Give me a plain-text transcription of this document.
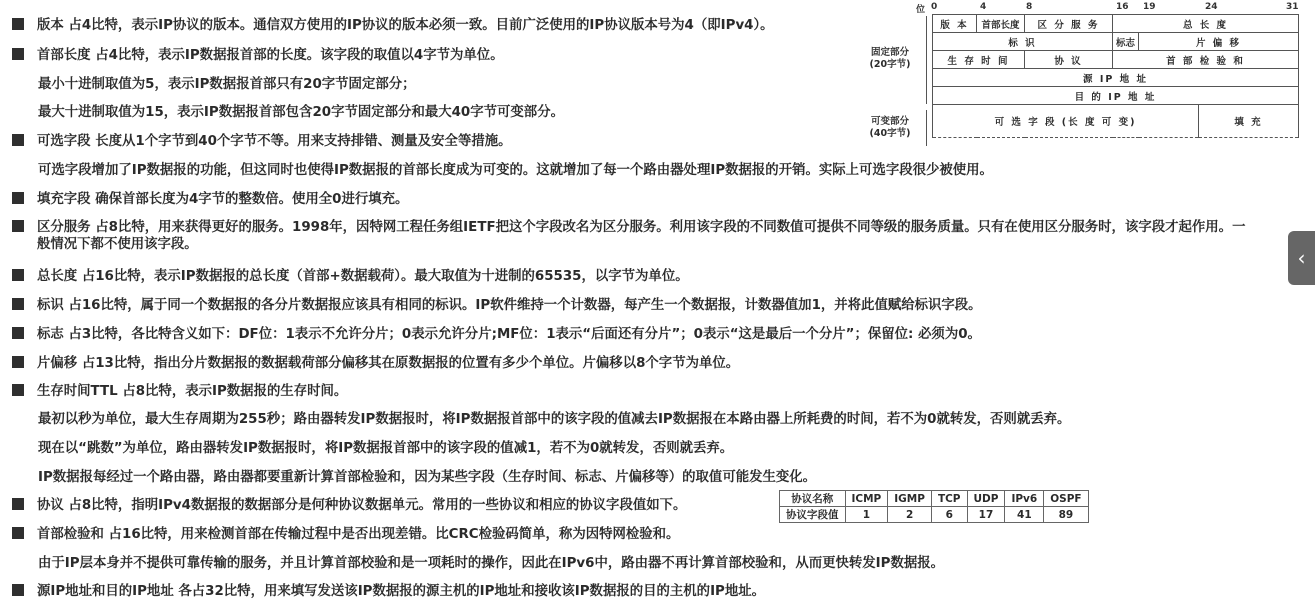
版本 占4比特，表示IP协议的版本。通信双方使用的IP协议的版本必须一致。目前广泛使用的IP协议版本号为4（即IPv4）。
首部长度 占4比特，表示IP数据报首部的长度。该字段的取值以4字节为单位。
最小十进制取值为5，表示IP数据报首部只有20字节固定部分；
最大十进制取值为15，表示IP数据报首部包含20字节固定部分和最大40字节可变部分。
可选字段 长度从1个字节到40个字节不等。用来支持排错、测量及安全等措施。
可选字段增加了IP数据报的功能，但这同时也使得IP数据报的首部长度成为可变的。这就增加了每一个路由器处理IP数据报的开销。实际上可选字段很少被使用。
填充字段 确保首部长度为4字节的整数倍。使用全0进行填充。
区分服务 占8比特，用来获得更好的服务。1998年，因特网工程任务组IETF把这个字段改名为区分服务。利用该字段的不同数值可提供不同等级的服务质量。只有在使用区分服务时，该字段才起作用。一般情况下都不使用该字段。
总长度 占16比特，表示IP数据报的总长度（首部+数据载荷）。最大取值为十进制的65535，以字节为单位。
标识 占16比特，属于同一个数据报的各分片数据报应该具有相同的标识。IP软件维持一个计数器，每产生一个数据报，计数器值加1，并将此值赋给标识字段。
标志 占3比特，各比特含义如下：DF位：1表示不允许分片；0表示允许分片;MF位：1表示“后面还有分片”；0表示“这是最后一个分片”；保留位: 必须为0。
片偏移 占13比特，指出分片数据报的数据载荷部分偏移其在原数据报的位置有多少个单位。片偏移以8个字节为单位。
生存时间TTL 占8比特，表示IP数据报的生存时间。
最初以秒为单位，最大生存周期为255秒；路由器转发IP数据报时，将IP数据报首部中的该字段的值减去IP数据报在本路由器上所耗费的时间，若不为0就转发，否则就丢弃。
现在以“跳数”为单位，路由器转发IP数据报时，将IP数据报首部中的该字段的值减1，若不为0就转发，否则就丢弃。
IP数据报每经过一个路由器，路由器都要重新计算首部检验和，因为某些字段（生存时间、标志、片偏移等）的取值可能发生变化。
协议 占8比特，指明IPv4数据报的数据部分是何种协议数据单元。常用的一些协议和相应的协议字段值如下。
首部检验和 占16比特，用来检测首部在传输过程中是否出现差错。比CRC检验码简单，称为因特网检验和。
由于IP层本身并不提供可靠传输的服务，并且计算首部校验和是一项耗时的操作，因此在IPv6中，路由器不再计算首部校验和，从而更快转发IP数据报。
源IP地址和目的IP地址 各占32比特，用来填写发送该IP数据报的源主机的IP地址和接收该IP数据报的目的主机的IP地址。
位 0	4	8	16 19	24	31
固定部分
(20字节)
可变部分
(40字节)
版 本	首部长度	区 分 服 务	总 长 度		
标 识			标志	片 偏 移	
生 存 时 间		协 议	首 部 检 验 和		
源 IP 地 址					
目 的 IP 地 址					
可 选 字 段 (长 度 可 变)					填 充
协议名称	ICMP	IGMP	TCP	UDP	IPv6	OSPF
协议字段值	1	2	6	17	41	89
‹
